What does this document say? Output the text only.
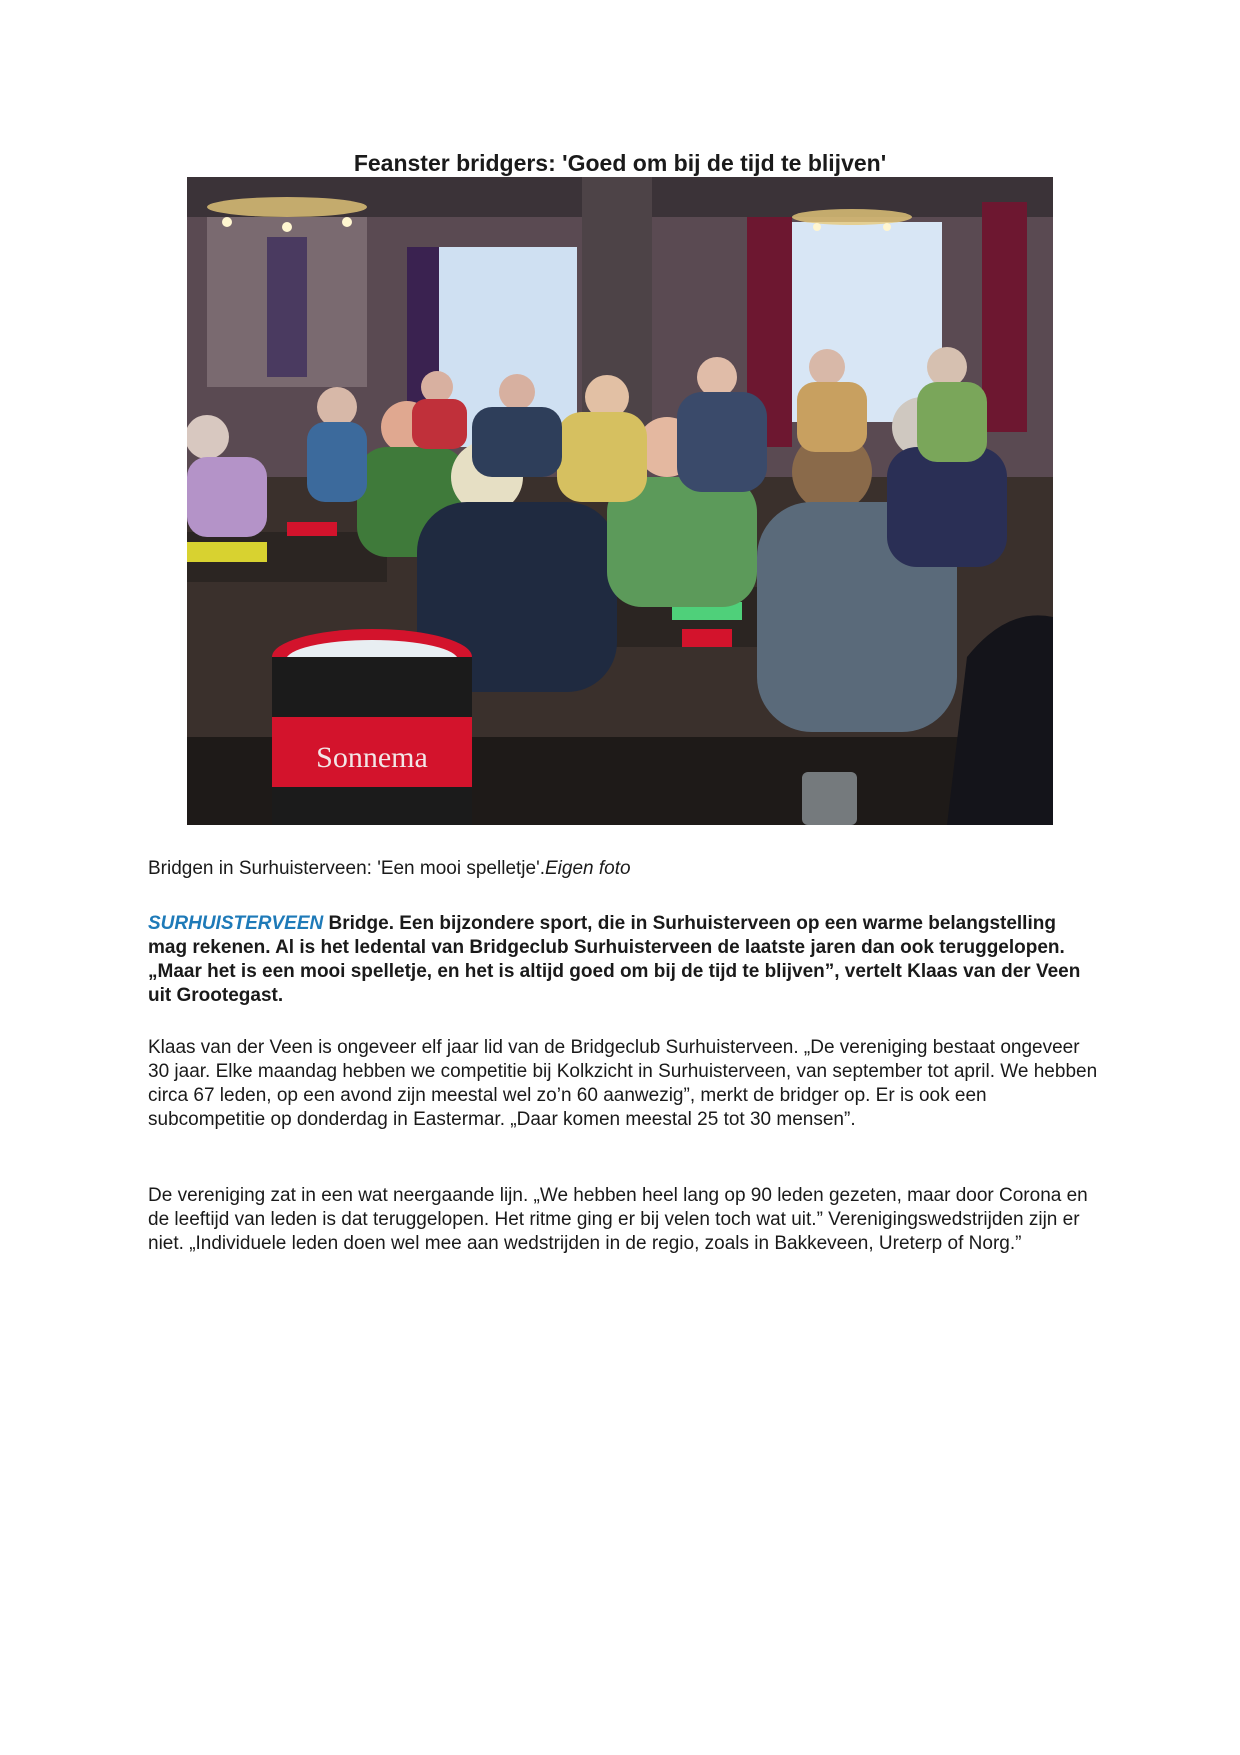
Feanster bridgers: 'Goed om bij de tijd te blijven'
Sonnema

Bridgen in Surhuisterveen: 'Een mooi spelletje'.Eigen foto

SURHUISTERVEEN Bridge. Een bijzondere sport, die in Surhuisterveen op een warme belangstelling mag rekenen. Al is het ledental van Bridgeclub Surhuisterveen de laatste jaren dan ook teruggelopen. „Maar het is een mooi spelletje, en het is altijd goed om bij de tijd te blijven”, vertelt Klaas van der Veen uit Grootegast.

Klaas van der Veen is ongeveer elf jaar lid van de Bridgeclub Surhuisterveen. „De vereniging bestaat ongeveer 30 jaar. Elke maandag hebben we competitie bij Kolkzicht in Surhuisterveen, van september tot april. We hebben circa 67 leden, op een avond zijn meestal wel zo’n 60 aanwezig”, merkt de bridger op. Er is ook een subcompetitie op donderdag in Eastermar. „Daar komen meestal 25 tot 30 mensen”.

De vereniging zat in een wat neergaande lijn. „We hebben heel lang op 90 leden gezeten, maar door Corona en de leeftijd van leden is dat teruggelopen. Het ritme ging er bij velen toch wat uit.” Verenigingswedstrijden zijn er niet. „Individuele leden doen wel mee aan wedstrijden in de regio, zoals in Bakkeveen, Ureterp of Norg.”
